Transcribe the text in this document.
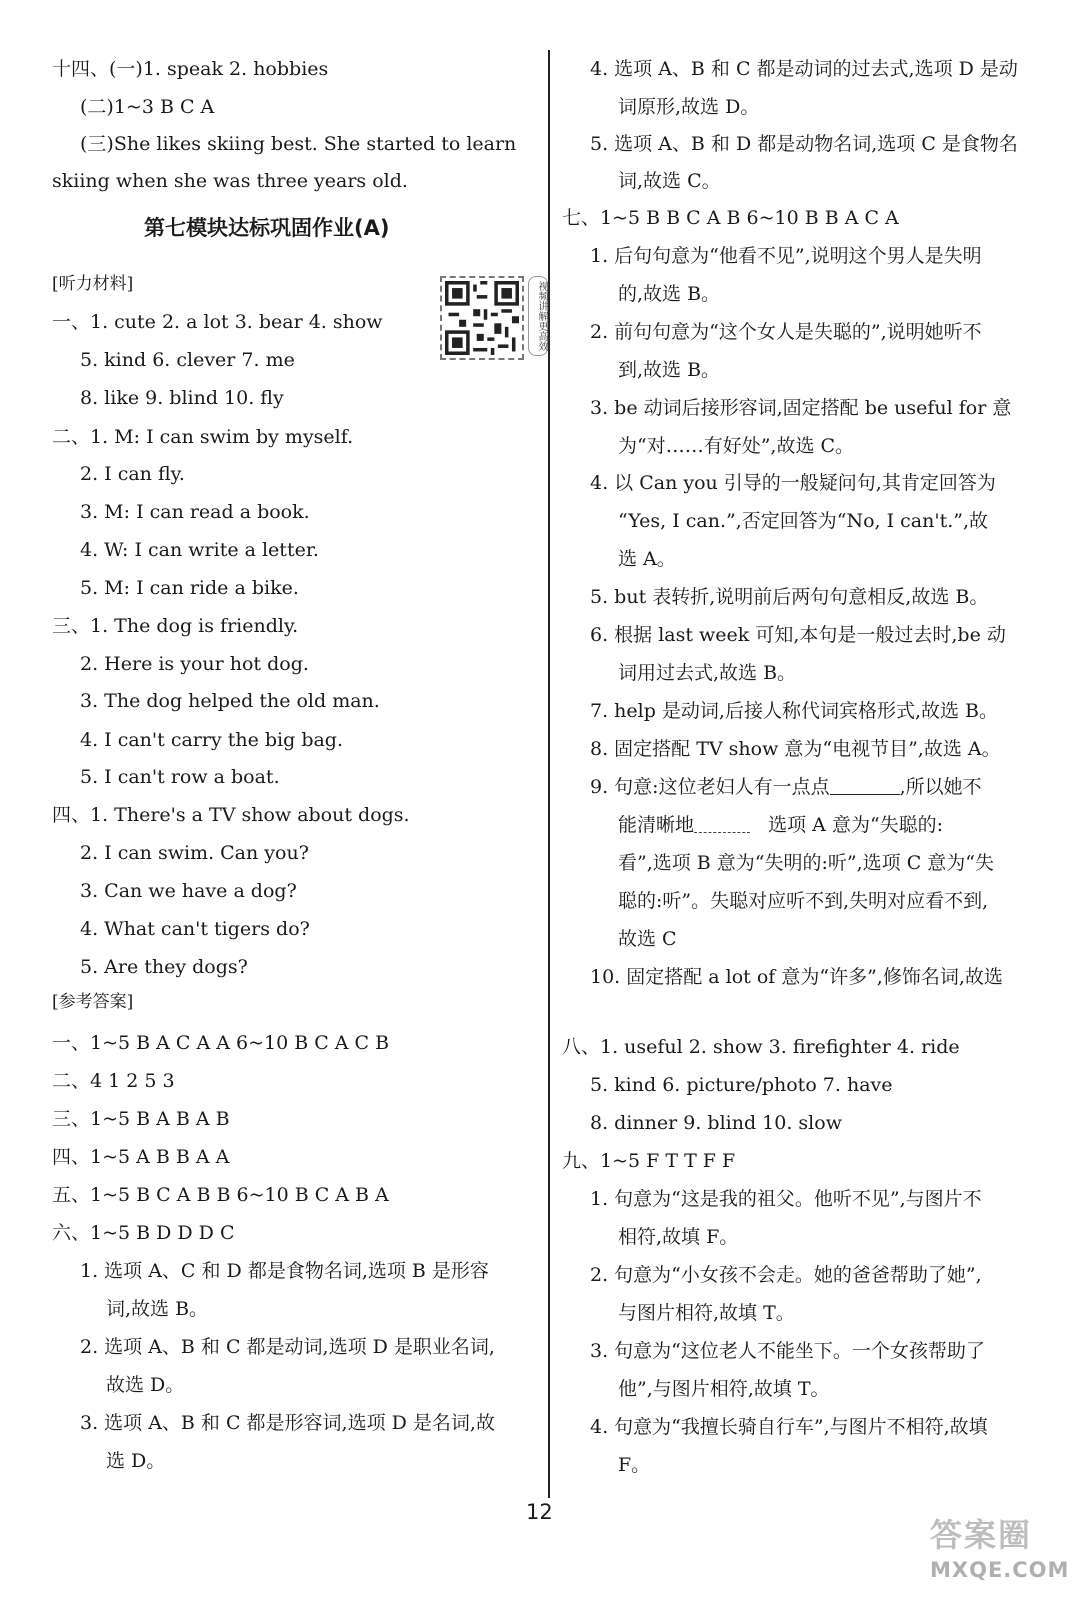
十四、(一)1. speak 2. hobbies
(二)1~3 B C A
(三)She likes skiing best. She started to learn
skiing when she was three years old.
第七模块达标巩固作业(A)
[听力材料]	视频讲解更高效
一、1. cute 2. a lot 3. bear 4. show
5. kind 6. clever 7. me
8. like 9. blind 10. fly
二、1. M: I can swim by myself.
2. I can fly.
3. M: I can read a book.
4. W: I can write a letter.
5. M: I can ride a bike.
三、1. The dog is friendly.
2. Here is your hot dog.
3. The dog helped the old man.
4. I can't carry the big bag.
5. I can't row a boat.
四、1. There's a TV show about dogs.
2. I can swim. Can you?
3. Can we have a dog?
4. What can't tigers do?
5. Are they dogs?
[参考答案]
一、1~5 B A C A A 6~10 B C A C B
二、4 1 2 5 3
三、1~5 B A B A B
四、1~5 A B B A A
五、1~5 B C A B B 6~10 B C A B A
六、1~5 B D D D C
1. 选项 A、C 和 D 都是食物名词,选项 B 是形容
词,故选 B。
2. 选项 A、B 和 C 都是动词,选项 D 是职业名词,
故选 D。
3. 选项 A、B 和 C 都是形容词,选项 D 是名词,故
选 D。
4. 选项 A、B 和 C 都是动词的过去式,选项 D 是动
词原形,故选 D。
5. 选项 A、B 和 D 都是动物名词,选项 C 是食物名
词,故选 C。
七、1~5 B B C A B 6~10 B B A C A
1. 后句句意为“他看不见”,说明这个男人是失明
的,故选 B。
2. 前句句意为“这个女人是失聪的”,说明她听不
到,故选 B。
3. be 动词后接形容词,固定搭配 be useful for 意
为“对……有好处”,故选 C。
4. 以 Can you 引导的一般疑问句,其肯定回答为
“Yes, I can.”,否定回答为“No, I can't.”,故
选 A。
5. but 表转折,说明前后两句句意相反,故选 B。
6. 根据 last week 可知,本句是一般过去时,be 动
词用过去式,故选 B。
7. help 是动词,后接人称代词宾格形式,故选 B。
8. 固定搭配 TV show 意为“电视节目”,故选 A。
9. 句意:这位老妇人有一点点	,所以她不
能清晰地	选项 A 意为“失聪的:
看”,选项 B 意为“失明的:听”,选项 C 意为“失
聪的:听”。失聪对应听不到,失明对应看不到,
故选 C
10. 固定搭配 a lot of 意为“许多”,修饰名词,故选
八、1. useful 2. show 3. firefighter 4. ride
5. kind 6. picture/photo 7. have
8. dinner 9. blind 10. slow
九、1~5 F T T F F
1. 句意为“这是我的祖父。他听不见”,与图片不
相符,故填 F。
2. 句意为“小女孩不会走。她的爸爸帮助了她”,
与图片相符,故填 T。
3. 句意为“这位老人不能坐下。一个女孩帮助了
他”,与图片相符,故填 T。
4. 句意为“我擅长骑自行车”,与图片不相符,故填
F。
12
答案圈
MXQE.COM
